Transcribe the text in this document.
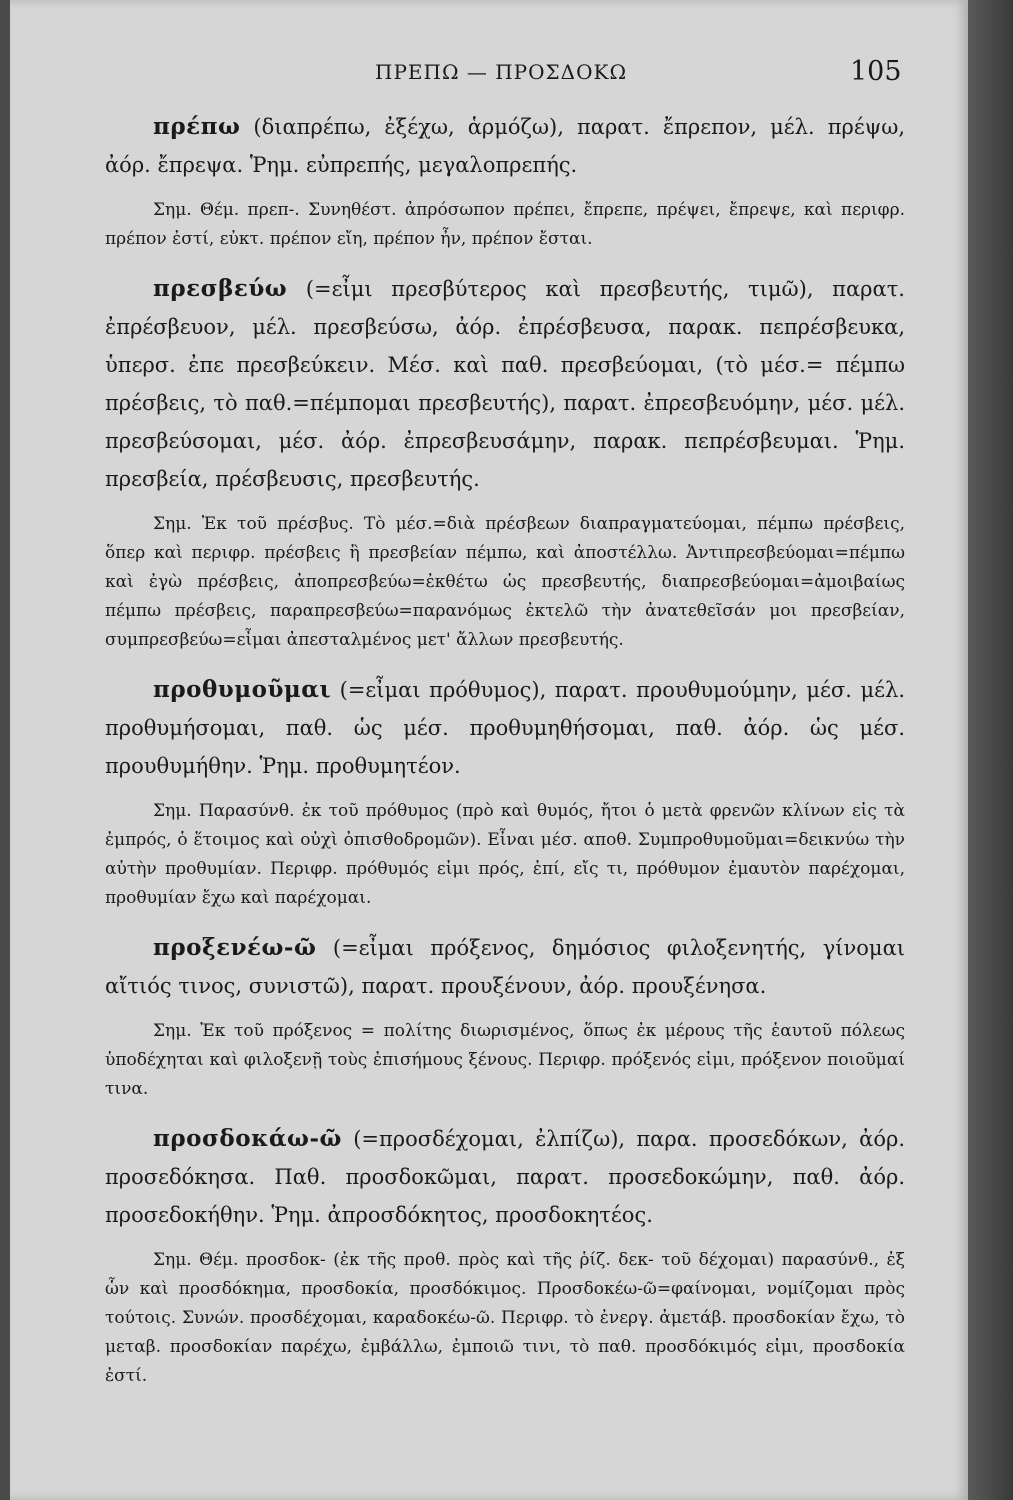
ΠΡΕΠΩ — ΠΡΟΣΔΟΚΩ	105

πρέπω (διαπρέπω, ἐξέχω, ἁρμόζω), παρατ. ἔπρεπον, μέλ. πρέψω, ἀόρ. ἔπρεψα. Ῥημ. εὐπρεπής, μεγαλοπρεπής.

Σημ. Θέμ. πρεπ-. Συνηθέστ. ἀπρόσωπον πρέπει, ἔπρεπε, πρέψει, ἔπρεψε, καὶ περιφρ. πρέπον ἐστί, εὐκτ. πρέπον εἴη, πρέπον ἦν, πρέπον ἔσται.

πρεσβεύω (=εἶμι πρεσβύτερος καὶ πρεσβευτής, τιμῶ), παρατ. ἐπρέσβευον, μέλ. πρεσβεύσω, ἀόρ. ἐπρέσβευσα, παρακ. πεπρέσβευκα, ὑπερσ. ἐπε πρεσβεύκειν. Μέσ. καὶ παθ. πρεσβεύομαι, (τὸ μέσ.= πέμπω πρέσβεις, τὸ παθ.=πέμπομαι πρεσβευτής), παρατ. ἐπρεσβευόμην, μέσ. μέλ. πρεσβεύσομαι, μέσ. ἀόρ. ἐπρεσβευσάμην, παρακ. πεπρέσβευμαι. Ῥημ. πρεσβεία, πρέσβευσις, πρεσβευτής.

Σημ. Ἐκ τοῦ πρέσβυς. Τὸ μέσ.=διὰ πρέσβεων διαπραγματεύομαι, πέμπω πρέσβεις, ὅπερ καὶ περιφρ. πρέσβεις ἢ πρεσβείαν πέμπω, καὶ ἀποστέλλω. Ἀντιπρεσβεύομαι=πέμπω καὶ ἐγὼ πρέσβεις, ἀποπρεσβεύω=ἐκθέτω ὡς πρεσβευτής, διαπρεσβεύομαι=ἀμοιβαίως πέμπω πρέσβεις, παραπρεσβεύω=παρανόμως ἐκτελῶ τὴν ἀνατεθεῖσάν μοι πρεσβείαν, συμπρεσβεύω=εἶμαι ἀπεσταλμένος μετ' ἄλλων πρεσβευτής.

προθυμοῦμαι (=εἶμαι πρόθυμος), παρατ. προυθυμούμην, μέσ. μέλ. προθυμήσομαι, παθ. ὡς μέσ. προθυμηθήσομαι, παθ. ἀόρ. ὡς μέσ. προυθυμήθην. Ῥημ. προθυμητέον.

Σημ. Παρασύνθ. ἐκ τοῦ πρόθυμος (πρὸ καὶ θυμός, ἤτοι ὁ μετὰ φρενῶν κλίνων εἰς τὰ ἐμπρός, ὁ ἕτοιμος καὶ οὐχὶ ὀπισθοδρομῶν). Εἶναι μέσ. αποθ. Συμπροθυμοῦμαι=δεικνύω τὴν αὐτὴν προθυμίαν. Περιφρ. πρόθυμός εἰμι πρός, ἐπί, εἴς τι, πρόθυμον ἐμαυτὸν παρέχομαι, προθυμίαν ἔχω καὶ παρέχομαι.

προξενέω-ῶ (=εἶμαι πρόξενος, δημόσιος φιλοξενητής, γίνομαι αἴτιός τινος, συνιστῶ), παρατ. προυξένουν, ἀόρ. προυξένησα.

Σημ. Ἐκ τοῦ πρόξενος = πολίτης διωρισμένος, ὅπως ἐκ μέρους τῆς ἑαυτοῦ πόλεως ὑποδέχηται καὶ φιλοξενῇ τοὺς ἐπισήμους ξένους. Περιφρ. πρόξενός εἰμι, πρόξενον ποιοῦμαί τινα.

προσδοκάω-ῶ (=προσδέχομαι, ἐλπίζω), παρα. προσεδόκων, ἀόρ. προσεδόκησα. Παθ. προσδοκῶμαι, παρατ. προσεδοκώμην, παθ. ἀόρ. προσεδοκήθην. Ῥημ. ἀπροσδόκητος, προσδοκητέος.

Σημ. Θέμ. προσδοκ- (ἐκ τῆς προθ. πρὸς καὶ τῆς ῥίζ. δεκ- τοῦ δέχομαι) παρασύνθ., ἐξ ὧν καὶ προσδόκημα, προσδοκία, προσδόκιμος. Προσδοκέω-ῶ=φαίνομαι, νομίζομαι πρὸς τούτοις. Συνών. προσδέχομαι, καραδοκέω-ῶ. Περιφρ. τὸ ἐνεργ. ἀμετάβ. προσδοκίαν ἔχω, τὸ μεταβ. προσδοκίαν παρέχω, ἐμβάλλω, ἐμποιῶ τινι, τὸ παθ. προσδόκιμός εἰμι, προσδοκία ἐστί.
